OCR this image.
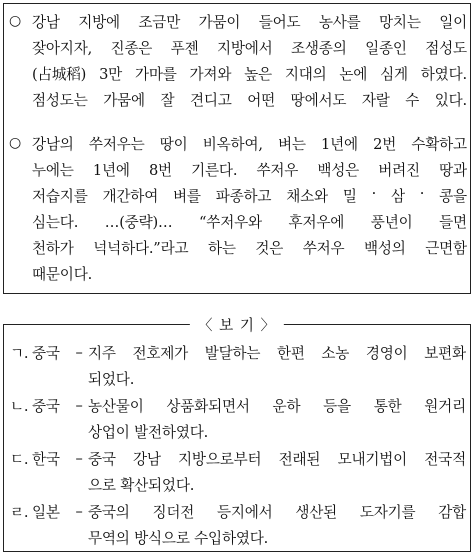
○ 강남 지방에 조금만 가뭄이 들어도 농사를 망치는 일이
잦아지자, 진종은 푸젠 지방에서 조생종의 일종인 점성도
(占城稻) 3만 가마를 가져와 높은 지대의 논에 심게 하였다.
점성도는 가뭄에 잘 견디고 어떤 땅에서도 자랄 수 있다.
○ 강남의 쑤저우는 땅이 비옥하여, 벼는 1년에 2번 수확하고
누에는 1년에 8번 기른다. 쑤저우 백성은 버려진 땅과
저습지를 개간하여 벼를 파종하고 채소와 밀 · 삼 · 콩을
심는다. …(중략)… “쑤저우와 후저우에 풍년이 들면
천하가 넉넉하다.”라고 하는 것은 쑤저우 백성의 근면함
때문이다.
〈 보 기 〉
ㄱ. 중국	– 지주 전호제가 발달하는 한편 소농 경영이 보편화
되었다.
ㄴ. 중국	– 농산물이 상품화되면서 운하 등을 통한 원거리
상업이 발전하였다.
ㄷ. 한국	– 중국 강남 지방으로부터 전래된 모내기법이 전국적
으로 확산되었다.
ㄹ. 일본	– 중국의 징더전 등지에서 생산된 도자기를 감합
무역의 방식으로 수입하였다.
